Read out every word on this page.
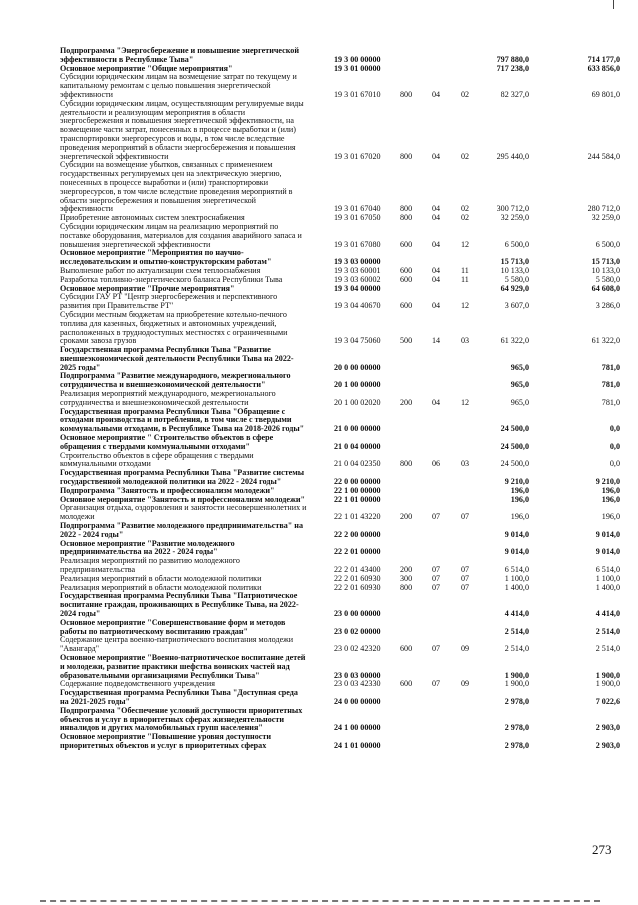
Подпрограмма "Энергосбережение и повышение энергетической
эффективности в Республике Тыва"	19 3 00 00000	797 880,0	714 177,0
Основное мероприятие "Общие мероприятия"	19 3 01 00000	717 238,0	633 856,0
Субсидии юридическим лицам на возмещение затрат по текущему и
капитальному ремонтам с целью повышения энергетической
эффективности	19 3 01 67010 800 04	02	82 327,0	69 801,0
Субсидии юридическим лицам, осуществляющим регулируемые виды
деятельности и реализующим мероприятия в области
энергосбережения и повышения энергетической эффективности, на
возмещение части затрат, понесенных в процессе выработки и (или)
транспортировки энергоресурсов и воды, в том числе вследствие
проведения мероприятий в области энергосбережения и повышения
энергетической эффективности	19 3 01 67020 800 04	02	295 440,0	244 584,0
Субсидии на возмещение убытков, связанных с применением
государственных регулируемых цен на электрическую энергию,
понесенных в процессе выработки и (или) транспортировки
энергоресурсов, в том числе вследствие проведения мероприятий в
области энергосбережения и повышения энергетической
эффективности	19 3 01 67040 800 04	02	300 712,0	280 712,0
Приобретение автономных систем электроснабжения	19 3 01 67050 800 04	02	32 259,0	32 259,0
Субсидии юридическим лицам на реализацию мероприятий по
поставке оборудования, материалов для создания аварийного запаса и
повышения энергетической эффективности	19 3 01 67080 600 04	12	6 500,0	6 500,0
Основное мероприятие "Мероприятия по научно-
исследовательским и опытно-конструкторским работам"	19 3 03 00000	15 713,0	15 713,0
Выполнение работ по актуализации схем теплоснабжения	19 3 03 60001 600 04	11	10 133,0	10 133,0
Разработка топливно-энергетического баланса Республики Тыва	19 3 03 60002 600 04	11	5 580,0	5 580,0
Основное мероприятие "Прочие мероприятия"	19 3 04 00000	64 929,0	64 608,0
Субсидии ГАУ РТ "Центр энергосбережения и перспективного
развития при Правительстве РТ"	19 3 04 40670 600 04	12	3 607,0	3 286,0
Субсидии местным бюджетам на приобретение котельно-печного
топлива для казенных, бюджетных и автономных учреждений,
расположенных в труднодоступных местностях с ограниченными
сроками завоза грузов	19 3 04 75060 500 14	03	61 322,0	61 322,0
Государственная программа Республики Тыва "Развитие
внешнеэкономической деятельности Республики Тыва на 2022-
2025 годы"	20 0 00 00000	965,0	781,0
Подпрограмма "Развитие международного, межрегионального
сотрудничества и внешнеэкономической деятельности"	20 1 00 00000	965,0	781,0
Реализация мероприятий международного, межрегионального
сотрудничества и внешнеэкономической деятельности	20 1 00 02020 200 04	12	965,0	781,0
Государственная программа Республики Тыва "Обращение с
отходами производства и потребления, в том числе с твердыми
коммунальными отходами, в Республике Тыва на 2018-2026 годы"	21 0 00 00000	24 500,0	0,0
Основное мероприятие " Строительство объектов в сфере
обращения с твердыми коммунальными отходами"	21 0 04 00000	24 500,0	0,0
Строительство объектов в сфере обращения с твердыми
коммунальными отходами	21 0 04 02350 800 06	03	24 500,0	0,0
Государственная программа Республики Тыва "Развитие системы
государственной молодежной политики на 2022 - 2024 годы"	22 0 00 00000	9 210,0	9 210,0
Подпрограмма "Занятость и профессионализм молодежи"	22 1 00 00000	196,0	196,0
Основное мероприятие "Занятость и профессионализм молодежи"	22 1 01 00000	196,0	196,0
Организация отдыха, оздоровления и занятости несовершеннолетних и
молодежи	22 1 01 43220 200 07	07	196,0	196,0
Подпрограмма "Развитие молодежного предпринимательства" на
2022 - 2024 годы"	22 2 00 00000	9 014,0	9 014,0
Основное мероприятие "Развитие молодежного
предпринимательства на 2022 - 2024 годы"	22 2 01 00000	9 014,0	9 014,0
Реализация мероприятий по развитию молодежного
предпринимательства	22 2 01 43400 200 07	07	6 514,0	6 514,0
Реализация мероприятий в области молодежной политики	22 2 01 60930 300 07	07	1 100,0	1 100,0
Реализация мероприятий в области молодежной политики	22 2 01 60930 800 07	07	1 400,0	1 400,0
Государственная программа Республики Тыва "Патриотическое
воспитание граждан, проживающих в Республике Тыва, на 2022-
2024 годы"	23 0 00 00000	4 414,0	4 414,0
Основное мероприятие "Совершенствование форм и методов
работы по патриотическому воспитанию граждан"	23 0 02 00000	2 514,0	2 514,0
Содержание центра военно-патриотического воспитания молодежи
"Авангард"	23 0 02 42320 600 07	09	2 514,0	2 514,0
Основное мероприятие "Военно-патриотическое воспитание детей
и молодежи, развитие практики шефства воинских частей над
образовательными организациями Республики Тыва"	23 0 03 00000	1 900,0	1 900,0
Содержание подведомственного учреждения	23 0 03 42330 600 07	09	1 900,0	1 900,0
Государственная программа Республики Тыва "Доступная среда
на 2021-2025 годы"	24 0 00 00000	2 978,0	7 022,6
Подпрограмма "Обеспечение условий доступности приоритетных
объектов и услуг в приоритетных сферах жизнедеятельности
инвалидов и других маломобильных групп населения"	24 1 00 00000	2 978,0	2 903,0
Основное мероприятие "Повышение уровня доступности
приоритетных объектов и услуг в приоритетных сферах	24 1 01 00000	2 978,0	2 903,0
273
